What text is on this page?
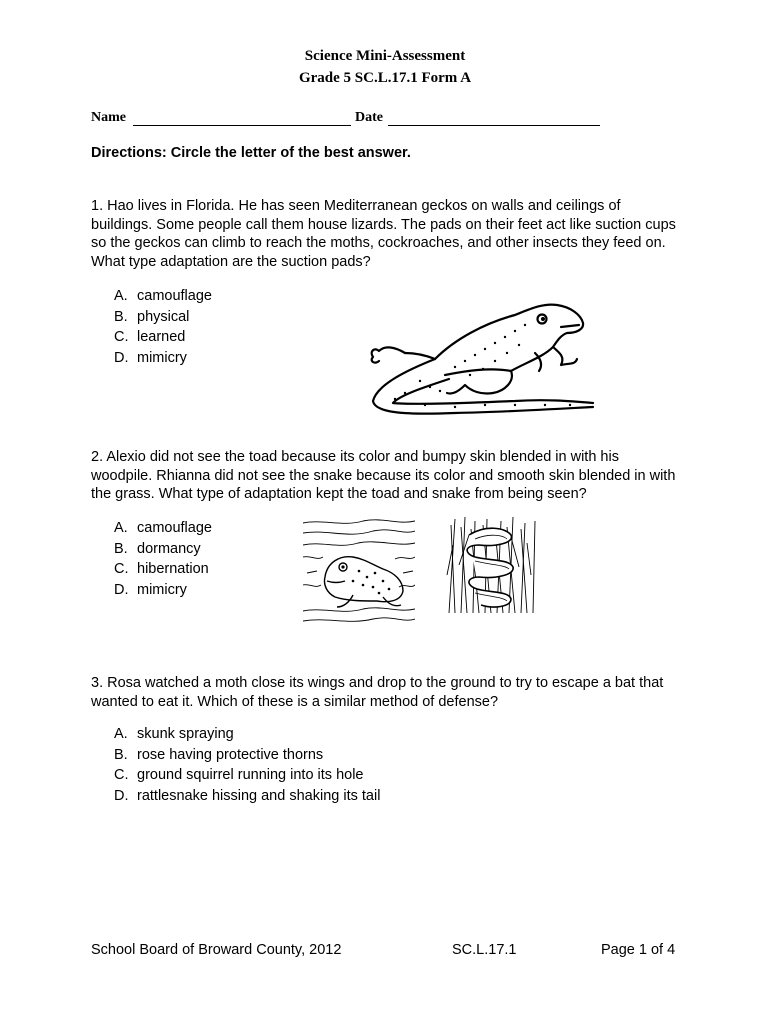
Science Mini-Assessment
Grade 5 SC.L.17.1 Form A
Name	Date
Directions: Circle the letter of the best answer.
1. Hao lives in Florida. He has seen Mediterranean geckos on walls and ceilings of buildings. Some people call them house lizards. The pads on their feet act like suction cups so the geckos can climb to reach the moths, cockroaches, and other insects they feed on. What type adaptation are the suction pads?
A. camouflage
B. physical
C. learned
D. mimicry
2. Alexio did not see the toad because its color and bumpy skin blended in with his woodpile. Rhianna did not see the snake because its color and smooth skin blended in with the grass. What type of adaptation kept the toad and snake from being seen?
A. camouflage
B. dormancy
C. hibernation
D. mimicry
3. Rosa watched a moth close its wings and drop to the ground to try to escape a bat that wanted to eat it. Which of these is a similar method of defense?
A. skunk spraying
B. rose having protective thorns
C. ground squirrel running into its hole
D. rattlesnake hissing and shaking its tail
School Board of Broward County, 2012	SC.L.17.1	Page 1 of 4
